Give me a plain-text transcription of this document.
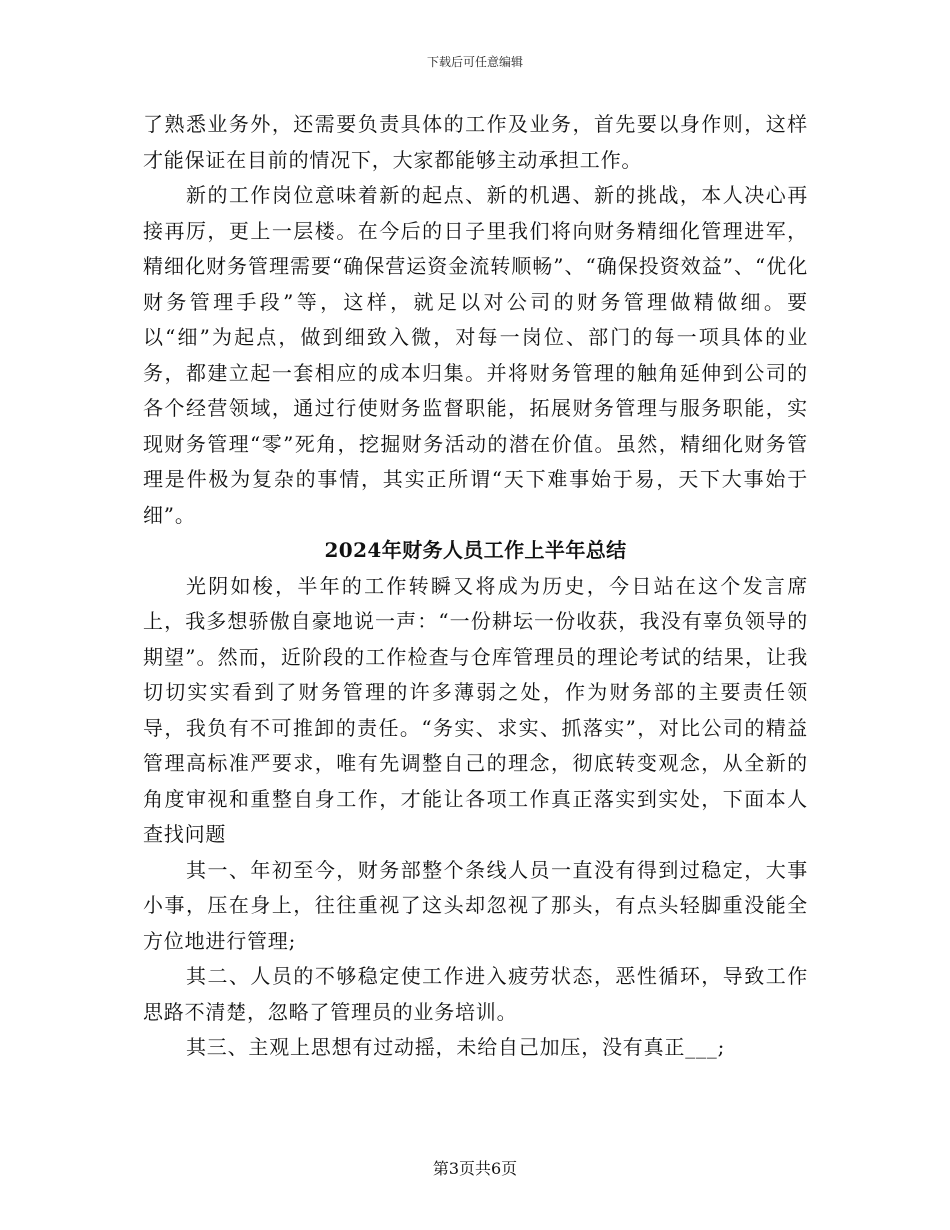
下载后可任意编辑

了熟悉业务外，还需要负责具体的工作及业务，首先要以身作则，这样才能保证在目前的情况下，大家都能够主动承担工作。

新的工作岗位意味着新的起点、新的机遇、新的挑战，本人决心再接再厉，更上一层楼。在今后的日子里我们将向财务精细化管理进军，精细化财务管理需要“确保营运资金流转顺畅”、“确保投资效益”、“优化财务管理手段”等，这样，就足以对公司的财务管理做精做细。要以“细”为起点，做到细致入微，对每一岗位、部门的每一项具体的业务，都建立起一套相应的成本归集。并将财务管理的触角延伸到公司的各个经营领域，通过行使财务监督职能，拓展财务管理与服务职能，实现财务管理“零”死角，挖掘财务活动的潜在价值。虽然，精细化财务管理是件极为复杂的事情，其实正所谓“天下难事始于易，天下大事始于细”。

2024年财务人员工作上半年总结

光阴如梭，半年的工作转瞬又将成为历史，今日站在这个发言席上，我多想骄傲自豪地说一声：“一份耕坛一份收获，我没有辜负领导的期望”。然而，近阶段的工作检查与仓库管理员的理论考试的结果，让我切切实实看到了财务管理的许多薄弱之处，作为财务部的主要责任领导，我负有不可推卸的责任。“务实、求实、抓落实”，对比公司的精益管理高标准严要求，唯有先调整自己的理念，彻底转变观念，从全新的角度审视和重整自身工作，才能让各项工作真正落实到实处，下面本人查找问题

其一、年初至今，财务部整个条线人员一直没有得到过稳定，大事小事，压在身上，往往重视了这头却忽视了那头，有点头轻脚重没能全方位地进行管理;

其二、人员的不够稳定使工作进入疲劳状态，恶性循环，导致工作思路不清楚，忽略了管理员的业务培训。

其三、主观上思想有过动摇，未给自己加压，没有真正___;

第3页共6页
